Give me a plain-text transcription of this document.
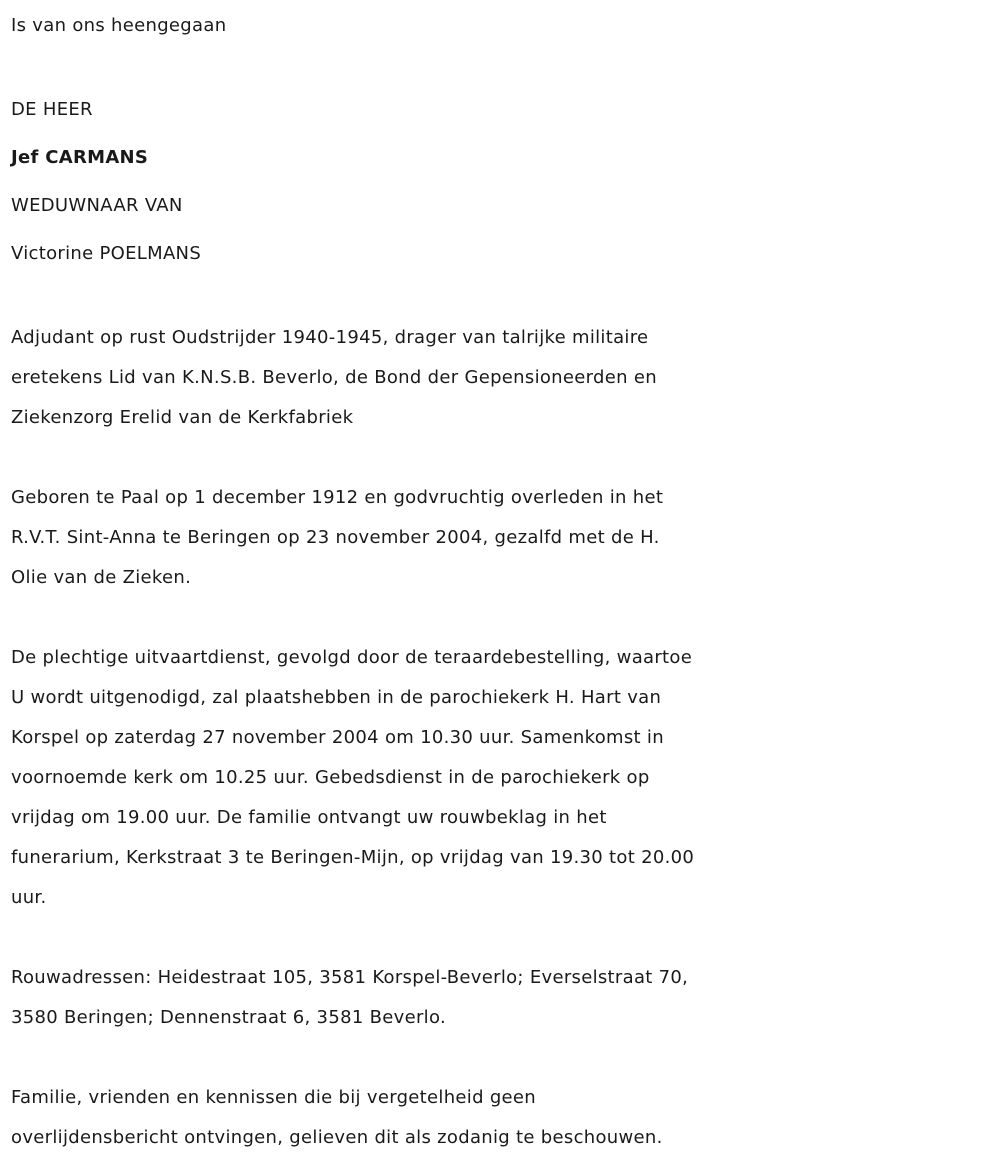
Is van ons heengegaan
DE HEER
Jef CARMANS
WEDUWNAAR VAN
Victorine POELMANS
Adjudant op rust Oudstrijder 1940-1945, drager van talrijke militaire
eretekens Lid van K.N.S.B. Beverlo, de Bond der Gepensioneerden en
Ziekenzorg Erelid van de Kerkfabriek
Geboren te Paal op 1 december 1912 en godvruchtig overleden in het
R.V.T. Sint-Anna te Beringen op 23 november 2004, gezalfd met de H.
Olie van de Zieken.
De plechtige uitvaartdienst, gevolgd door de teraardebestelling, waartoe
U wordt uitgenodigd, zal plaatshebben in de parochiekerk H. Hart van
Korspel op zaterdag 27 november 2004 om 10.30 uur. Samenkomst in
voornoemde kerk om 10.25 uur. Gebedsdienst in de parochiekerk op
vrijdag om 19.00 uur. De familie ontvangt uw rouwbeklag in het
funerarium, Kerkstraat 3 te Beringen-Mijn, op vrijdag van 19.30 tot 20.00
uur.
Rouwadressen: Heidestraat 105, 3581 Korspel-Beverlo; Everselstraat 70,
3580 Beringen; Dennenstraat 6, 3581 Beverlo.
Familie, vrienden en kennissen die bij vergetelheid geen
overlijdensbericht ontvingen, gelieven dit als zodanig te beschouwen.
